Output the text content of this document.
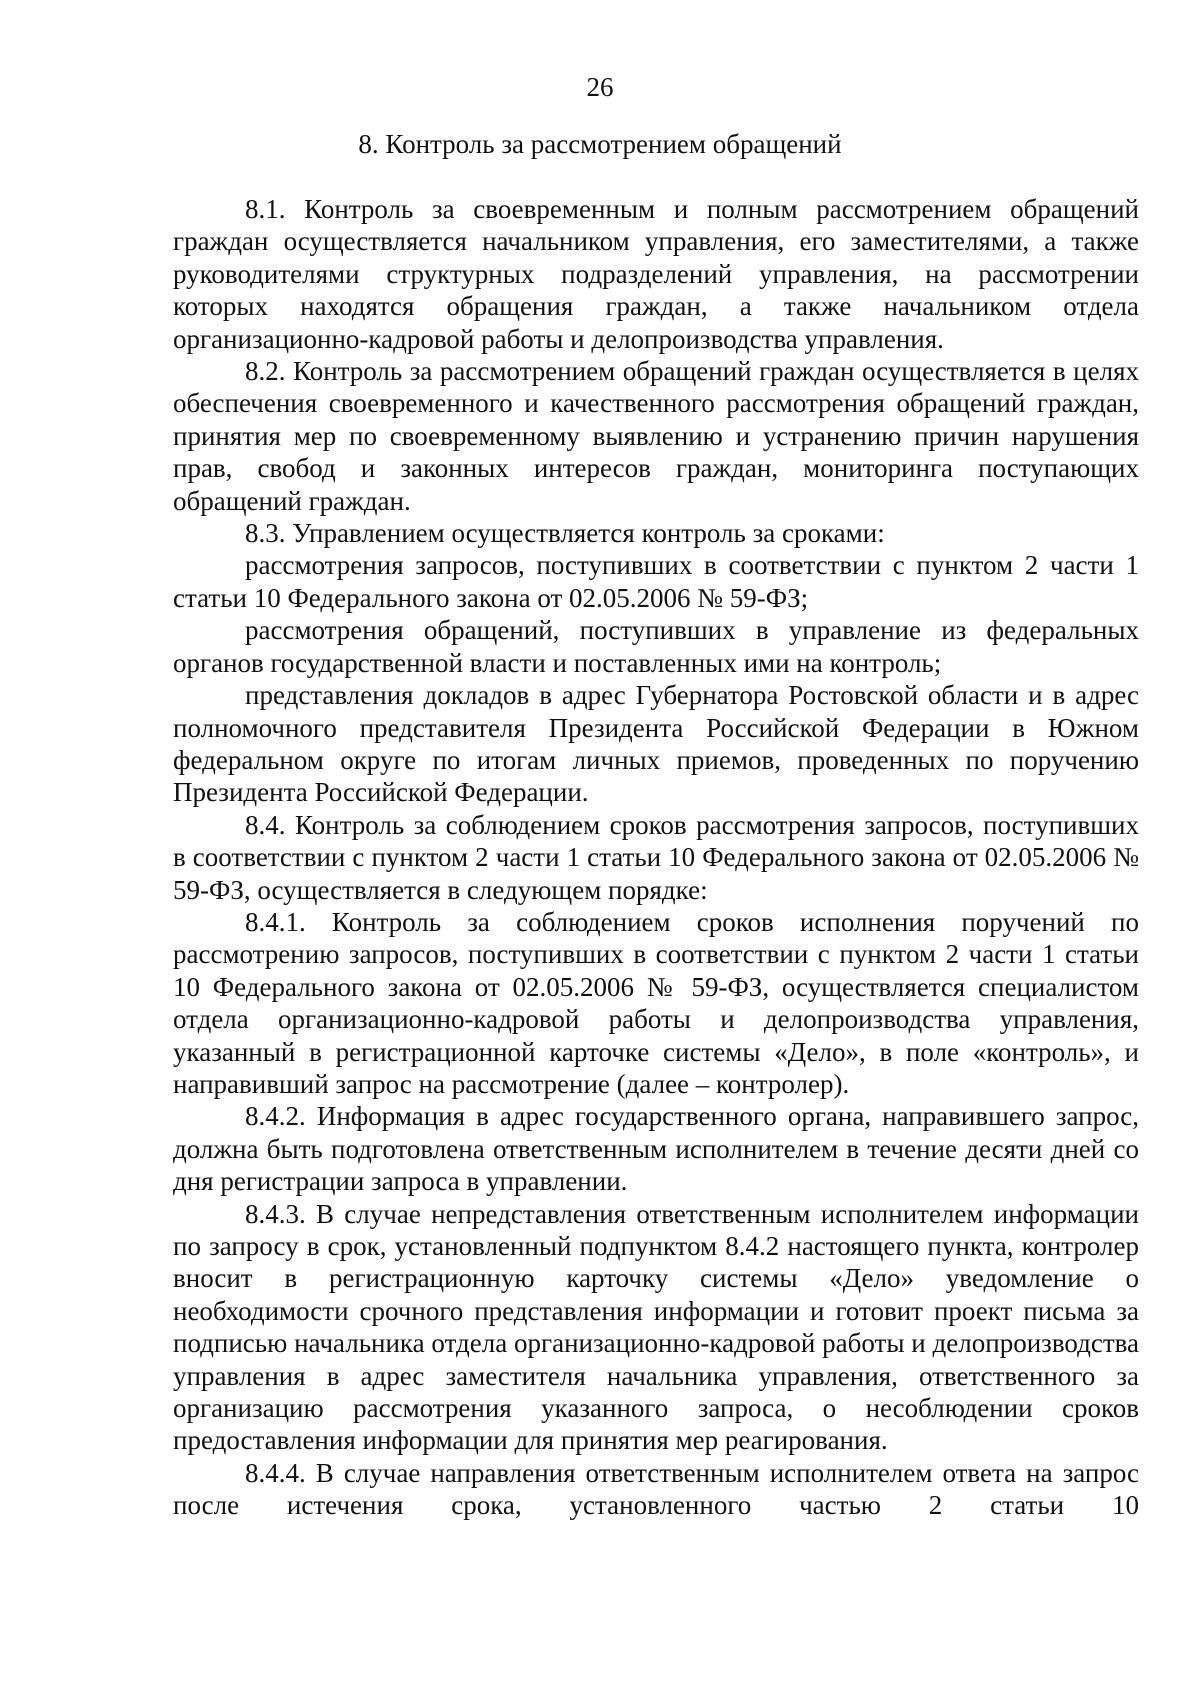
26
8. Контроль за рассмотрением обращений

8.1. Контроль за своевременным и полным рассмотрением обращений граждан осуществляется начальником управления, его заместителями, а также руководителями структурных подразделений управления, на рассмотрении которых находятся обращения граждан, а также начальником отдела организационно-кадровой работы и делопроизводства управления.

8.2. Контроль за рассмотрением обращений граждан осуществляется в целях обеспечения своевременного и качественного рассмотрения обращений граждан, принятия мер по своевременному выявлению и устранению причин нарушения прав, свобод и законных интересов граждан, мониторинга поступающих обращений граждан.

8.3. Управлением осуществляется контроль за сроками:

рассмотрения запросов, поступивших в соответствии с пунктом 2 части 1 статьи 10 Федерального закона от 02.05.2006 № 59-ФЗ;

рассмотрения обращений, поступивших в управление из федеральных органов государственной власти и поставленных ими на контроль;

представления докладов в адрес Губернатора Ростовской области и в адрес полномочного представителя Президента Российской Федерации в Южном федеральном округе по итогам личных приемов, проведенных по поручению Президента Российской Федерации.

8.4. Контроль за соблюдением сроков рассмотрения запросов, поступивших в соответствии с пунктом 2 части 1 статьи 10 Федерального закона от 02.05.2006 № 59-ФЗ, осуществляется в следующем порядке:

8.4.1. Контроль за соблюдением сроков исполнения поручений по рассмотрению запросов, поступивших в соответствии с пунктом 2 части 1 статьи 10 Федерального закона от 02.05.2006 № 59-ФЗ, осуществляется специалистом отдела организационно-кадровой работы и делопроизводства управления, указанный в регистрационной карточке системы «Дело», в поле «контроль», и направивший запрос на рассмотрение (далее – контролер).

8.4.2. Информация в адрес государственного органа, направившего запрос, должна быть подготовлена ответственным исполнителем в течение десяти дней со дня регистрации запроса в управлении.

8.4.3. В случае непредставления ответственным исполнителем информации по запросу в срок, установленный подпунктом 8.4.2 настоящего пункта, контролер вносит в регистрационную карточку системы «Дело» уведомление о необходимости срочного представления информации и готовит проект письма за подписью начальника отдела организационно-кадровой работы и делопроизводства управления в адрес заместителя начальника управления, ответственного за организацию рассмотрения указанного запроса, о несоблюдении сроков предоставления информации для принятия мер реагирования.

8.4.4. В случае направления ответственным исполнителем ответа на запрос после истечения срока, установленного частью 2 статьи 10
